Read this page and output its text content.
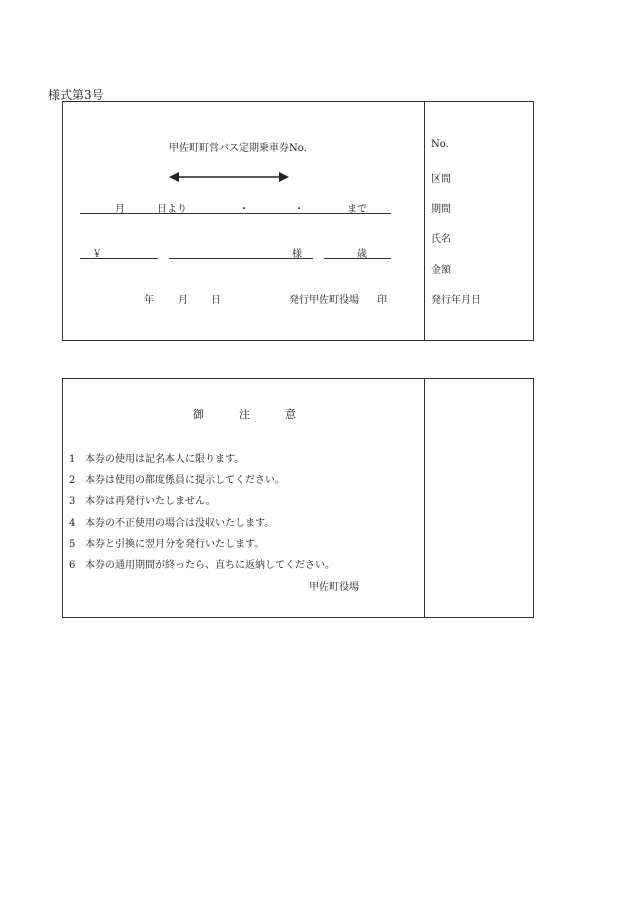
様式第3号
甲佐町町営バス定期乗車券No.
月	日より	・	・	まで
￥	様	歳
年 月 日	発行甲佐町役場 印
No.
区間
期間
氏名
金額
発行年月日
御	注	意
1 本券の使用は記名本人に限ります。
2 本券は使用の都度係員に提示してください。
3 本券は再発行いたしません。
4 本券の不正使用の場合は没収いたします。
5 本券と引換に翌月分を発行いたします。
6 本券の通用期間が終ったら、直ちに返納してください。
甲佐町役場
